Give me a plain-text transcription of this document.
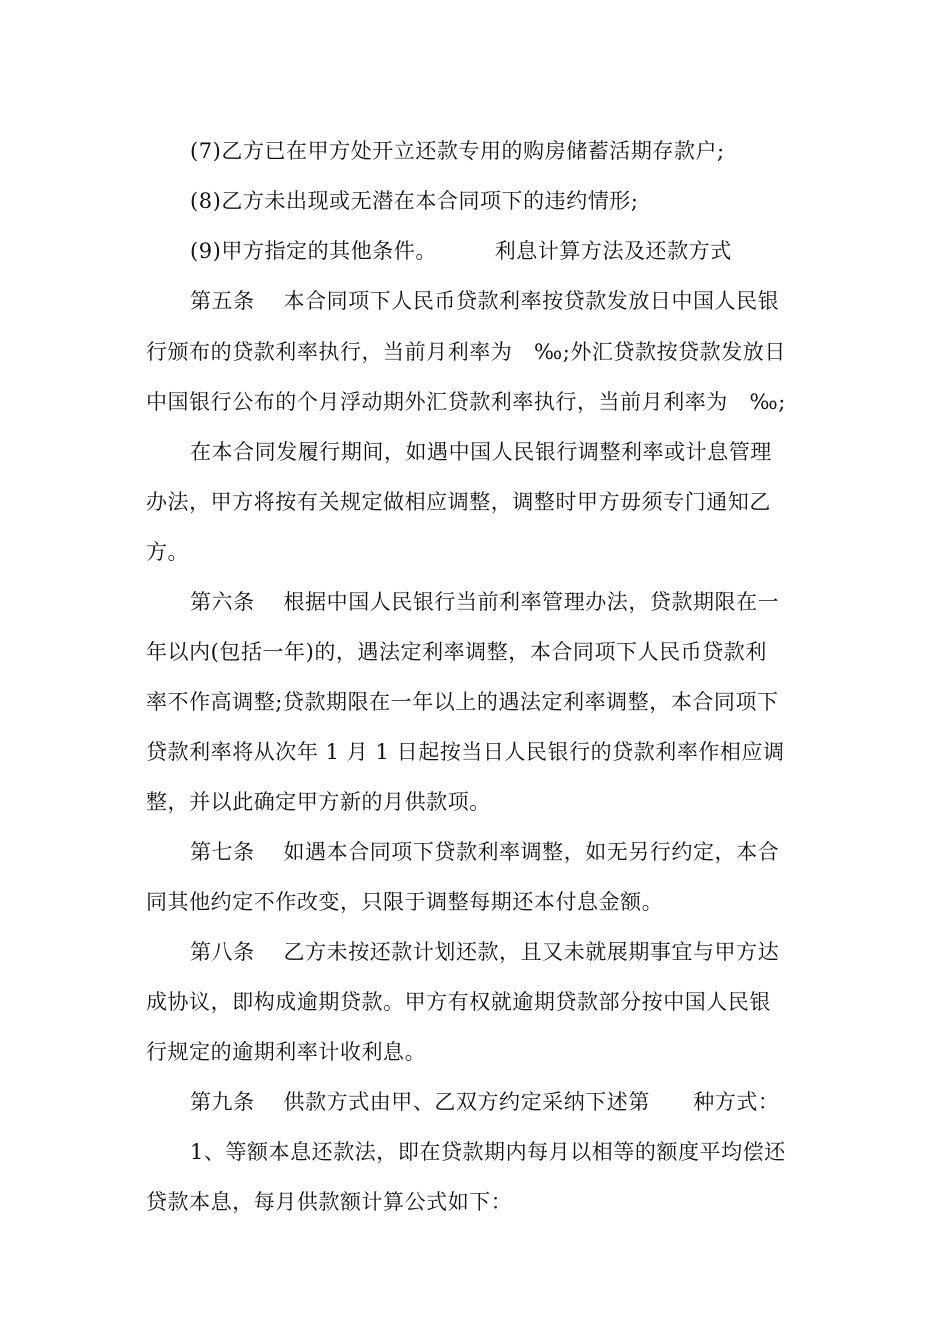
(7)乙方已在甲方处开立还款专用的购房储蓄活期存款户;
(8)乙方未出现或无潜在本合同项下的违约情形;
(9)甲方指定的其他条件。        利息计算方法及还款方式
第五条    本合同项下人民币贷款利率按贷款发放日中国人民银
行颁布的贷款利率执行，当前月利率为   ‰;外汇贷款按贷款发放日
中国银行公布的个月浮动期外汇贷款利率执行，当前月利率为   ‰;
在本合同发履行期间，如遇中国人民银行调整利率或计息管理
办法，甲方将按有关规定做相应调整，调整时甲方毋须专门通知乙
方。
第六条    根据中国人民银行当前利率管理办法，贷款期限在一
年以内(包括一年)的，遇法定利率调整，本合同项下人民币贷款利
率不作高调整;贷款期限在一年以上的遇法定利率调整，本合同项下
贷款利率将从次年 1 月 1 日起按当日人民银行的贷款利率作相应调
整，并以此确定甲方新的月供款项。
第七条    如遇本合同项下贷款利率调整，如无另行约定，本合
同其他约定不作改变，只限于调整每期还本付息金额。
第八条    乙方未按还款计划还款，且又未就展期事宜与甲方达
成协议，即构成逾期贷款。甲方有权就逾期贷款部分按中国人民银
行规定的逾期利率计收利息。
第九条    供款方式由甲、乙双方约定采纳下述第      种方式：
1、等额本息还款法，即在贷款期内每月以相等的额度平均偿还
贷款本息，每月供款额计算公式如下：
